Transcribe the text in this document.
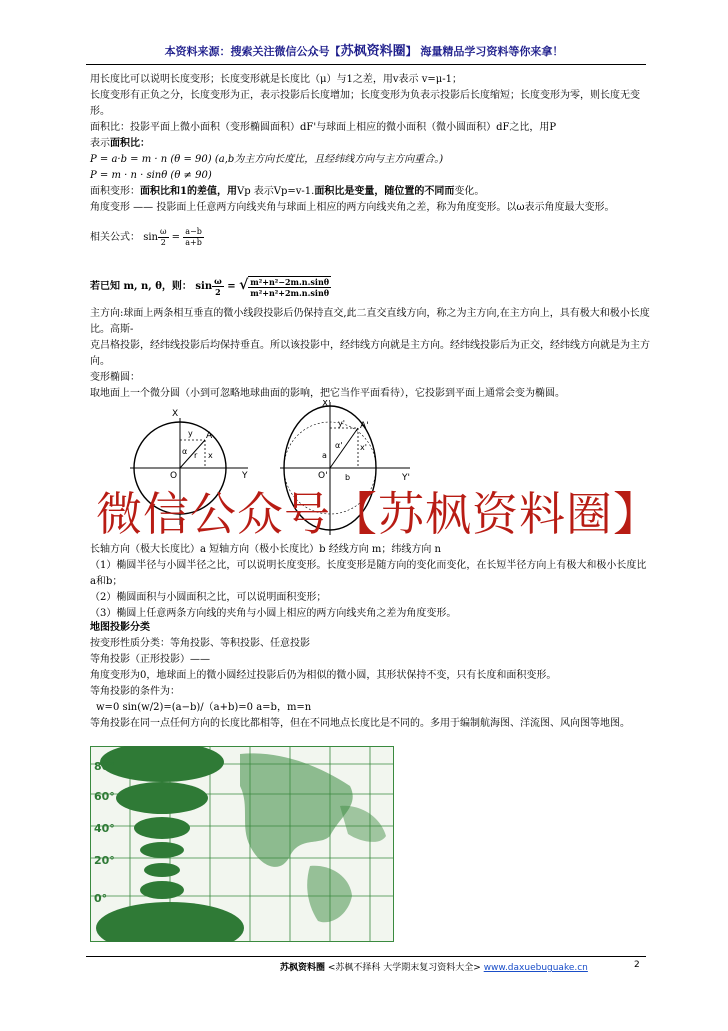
本资料来源：搜索关注微信公众号【苏枫资料圈】 海量精品学习资料等你来拿！
用长度比可以说明长度变形；长度变形就是长度比（μ）与1之差，用v表示 v=μ-1；
长度变形有正负之分，长度变形为正，表示投影后长度增加；长度变形为负表示投影后长度缩短；长度变形为零，则长度无变形。
面积比：投影平面上微小面积（变形椭圆面积）dF'与球面上相应的微小面积（微小圆面积）dF之比，用P
表示面积比：
P = a·b = m · n (θ = 90) (a,b为主方向长度比，且经纬线方向与主方向重合。)
P = m · n · sinθ (θ ≠ 90)
面积变形：面积比和1的差值，用Vp 表示Vp=v-1.面积比是变量，随位置的不同而变化。
角度变形 —— 投影面上任意两方向线夹角与球面上相应的两方向线夹角之差，称为角度变形。以ω表示角度最大变形。
相关公式： $\sin \frac{\omega}{2} = \frac{a-b}{a+b}$
若已知 m, n, θ，则： $\sin \frac{\omega}{2}$ = √ $\frac{\text{m²+n²−2m.n.sinθ}}{\text{m²+n²+2m.n.sinθ}}$
主方向:球面上两条相互垂直的微小线段投影后仍保持直交,此二直交直线方向，称之为主方向,在主方向上，具有极大和极小长度比。高斯-
克吕格投影，经纬线投影后均保持垂直。所以该投影中，经纬线方向就是主方向。经纬线投影后为正交，经纬线方向就是为主方向。
变形椭圆：
取地面上一个微分圆（小到可忽略地球曲面的影响，把它当作平面看待），它投影到平面上通常会变为椭圆。
X
Y
O
A
y
x
r
α
X'
Y'
O'
A'
y'
x'
a
b
α'
微信公众号【苏枫资料圈】
长轴方向（极大长度比）a 短轴方向（极小长度比）b 经线方向 m；纬线方向 n
（1）椭圆半径与小圆半径之比，可以说明长度变形。长度变形是随方向的变化而变化，在长短半径方向上有极大和极小长度比a和b；
（2）椭圆面积与小圆面积之比，可以说明面积变形；
（3）椭圆上任意两条方向线的夹角与小圆上相应的两方向线夹角之差为角度变形。
地图投影分类
按变形性质分类：等角投影、等积投影、任意投影
等角投影（正形投影）——
角度变形为0，地球面上的微小圆经过投影后仍为相似的微小圆，其形状保持不变，只有长度和面积变形。
等角投影的条件为：
w=0 sin(w/2)=(a−b)/（a+b)=0 a=b，m=n
等角投影在同一点任何方向的长度比都相等，但在不同地点长度比是不同的。多用于编制航海图、洋流图、风向图等地图。
80°
60°
40°
20°
0°
苏枫资料圈 <苏枫不择科 大学期末复习资料大全> www.daxuebuguake.cn	2
